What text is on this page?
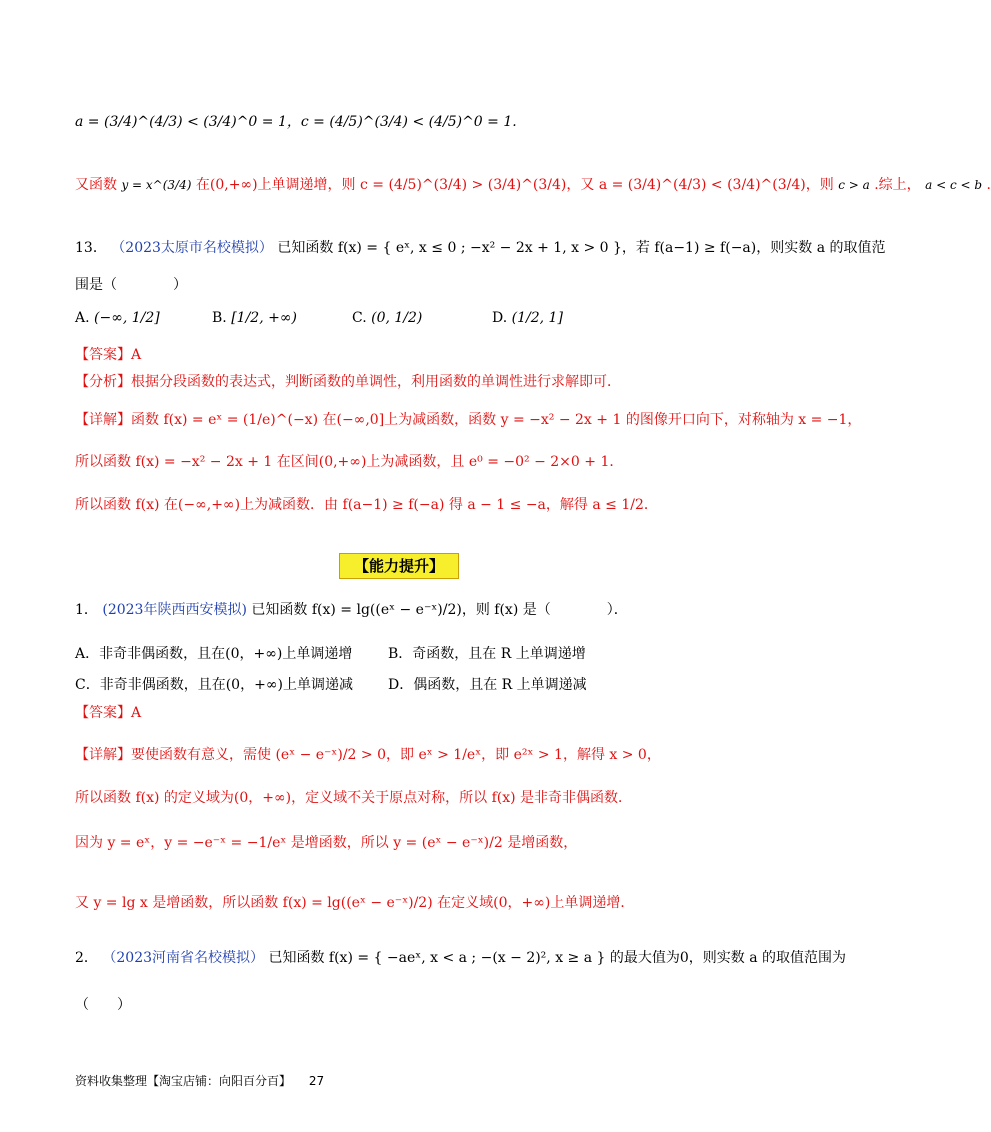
a = (3/4)^(4/3) < (3/4)^0 = 1，c = (4/5)^(3/4) < (4/5)^0 = 1.
又函数 y = x^(3/4) 在(0,+∞)上单调递增，则 c = (4/5)^(3/4) > (3/4)^(3/4)，又 a = (3/4)^(4/3) < (3/4)^(3/4)，则 c > a .综上， a < c < b .
13． （2023太原市名校模拟） 已知函数 f(x) = { eˣ, x ≤ 0 ; −x² − 2x + 1, x > 0 }，若 f(a−1) ≥ f(−a)，则实数 a 的取值范
围是（　　　　）
A. (−∞, 1/2]	B. [1/2, +∞)	C. (0, 1/2)	D. (1/2, 1]
【答案】A
【分析】根据分段函数的表达式，判断函数的单调性，利用函数的单调性进行求解即可．
【详解】函数 f(x) = eˣ = (1/e)^(−x) 在(−∞,0]上为减函数，函数 y = −x² − 2x + 1 的图像开口向下，对称轴为 x = −1，
所以函数 f(x) = −x² − 2x + 1 在区间(0,+∞)上为减函数，且 e⁰ = −0² − 2×0 + 1．
所以函数 f(x) 在(−∞,+∞)上为减函数．由 f(a−1) ≥ f(−a) 得 a − 1 ≤ −a，解得 a ≤ 1/2．
【能力提升】
1． (2023年陕西西安模拟) 已知函数 f(x) = lg((eˣ − e⁻ˣ)/2)，则 f(x) 是（　　　　）．
A．非奇非偶函数，且在(0，+∞)上单调递增	B．奇函数，且在 R 上单调递增
C．非奇非偶函数，且在(0，+∞)上单调递减	D．偶函数，且在 R 上单调递减
【答案】A
【详解】要使函数有意义，需使 (eˣ − e⁻ˣ)/2 > 0，即 eˣ > 1/eˣ，即 e²ˣ > 1，解得 x > 0，
所以函数 f(x) 的定义域为(0，+∞)，定义域不关于原点对称，所以 f(x) 是非奇非偶函数．
因为 y = eˣ，y = −e⁻ˣ = −1/eˣ 是增函数，所以 y = (eˣ − e⁻ˣ)/2 是增函数，
又 y = lg x 是增函数，所以函数 f(x) = lg((eˣ − e⁻ˣ)/2) 在定义域(0，+∞)上单调递增．
2． （2023河南省名校模拟） 已知函数 f(x) = { −aeˣ, x < a ; −(x − 2)², x ≥ a } 的最大值为0，则实数 a 的取值范围为
（　　）
资料收集整理【淘宝店铺：向阳百分百】 27
